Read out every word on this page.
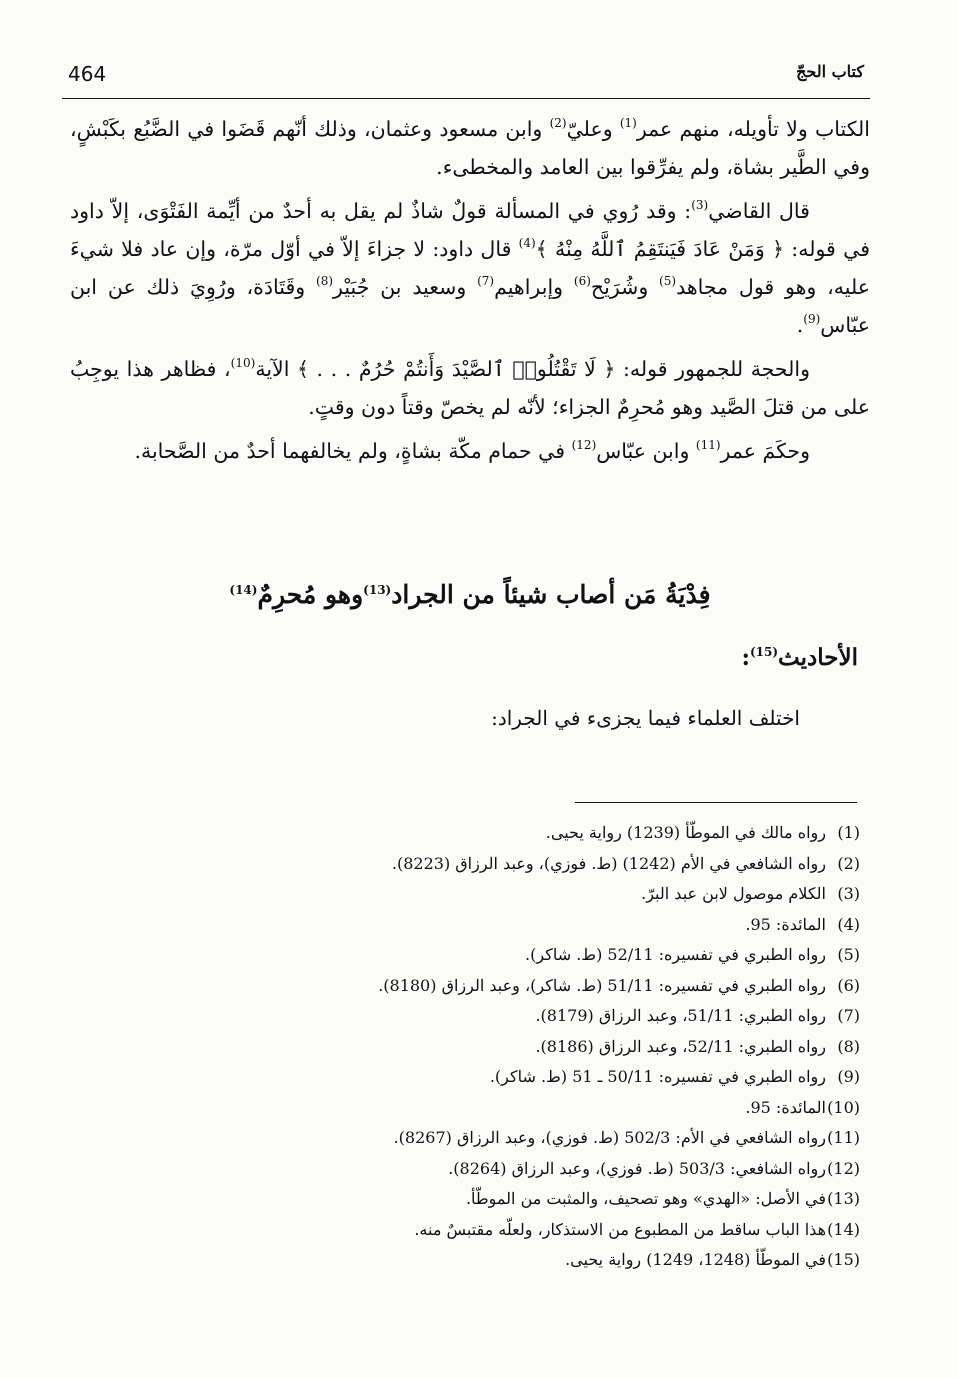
464	كتاب الحجّ

الكتاب ولا تأويله، منهم عمر$^{(1)}$ وعليّ$^{(2)}$ وابن مسعود وعثمان، وذلك أنّهم قَضَوا في الضَّبُع بكَبْشٍ، وفي الطَّير بشاة، ولم يفرِّقوا بين العامد والمخطىء.

قال القاضي$^{(3)}$: وقد رُوي في المسألة قولٌ شاذٌ لم يقل به أحدٌ من أيِّمة الفَتْوَى، إلاّ داود في قوله: ﴿ وَمَنْ عَادَ فَيَنتَقِمُ ٱللَّهُ مِنْهُ ﴾$^{(4)}$ قال داود: لا جزاءَ إلاّ في أوّل مرّة، وإن عاد فلا شيءَ عليه، وهو قول مجاهد$^{(5)}$ وشُرَيْح$^{(6)}$ وإبراهيم$^{(7)}$ وسعيد بن جُبَيْر$^{(8)}$ وقَتَادَة، ورُوِيَ ذلك عن ابن عبّاس$^{(9)}$.

والحجة للجمهور قوله: ﴿ لَا تَقْتُلُوا۟ ٱلصَّيْدَ وَأَنتُمْ حُرُمٌ . . . ﴾ الآية$^{(10)}$، فظاهر هذا يوجِبُ على من قتلَ الصَّيد وهو مُحرِمٌ الجزاء؛ لأنّه لم يخصّ وقتاً دون وقتٍ.

وحكَمَ عمر$^{(11)}$ وابن عبّاس$^{(12)}$ في حمام مكّة بشاةٍ، ولم يخالفهما أحدٌ من الصَّحابة.

فِدْيَةُ مَن أصاب شيئاً من الجراد$^{(13)}$وهو مُحرِمٌ$^{(14)}$
الأحاديث$^{(15)}$:
اختلف العلماء فيما يجزىء في الجراد:
(1)رواه مالك في الموطّأ (1239) رواية يحيى.
(2)رواه الشافعي في الأم (1242) (ط. فوزي)، وعبد الرزاق (8223).
(3)الكلام موصول لابن عبد البرّ.
(4)المائدة: 95.
(5)رواه الطبري في تفسيره: 52/11 (ط. شاكر).
(6)رواه الطبري في تفسيره: 51/11 (ط. شاكر)، وعبد الرزاق (8180).
(7)رواه الطبري: 51/11، وعبد الرزاق (8179).
(8)رواه الطبري: 52/11، وعبد الرزاق (8186).
(9)رواه الطبري في تفسيره: 50/11 ـ 51 (ط. شاكر).
(10)المائدة: 95.
(11)رواه الشافعي في الأم: 502/3 (ط. فوزي)، وعبد الرزاق (8267).
(12)رواه الشافعي: 503/3 (ط. فوزي)، وعبد الرزاق (8264).
(13)في الأصل: «الهدي» وهو تصحيف، والمثبت من الموطّأ.
(14)هذا الباب ساقط من المطبوع من الاستذكار، ولعلّه مقتبسٌ منه.
(15)في الموطّأ (1248، 1249) رواية يحيى.
